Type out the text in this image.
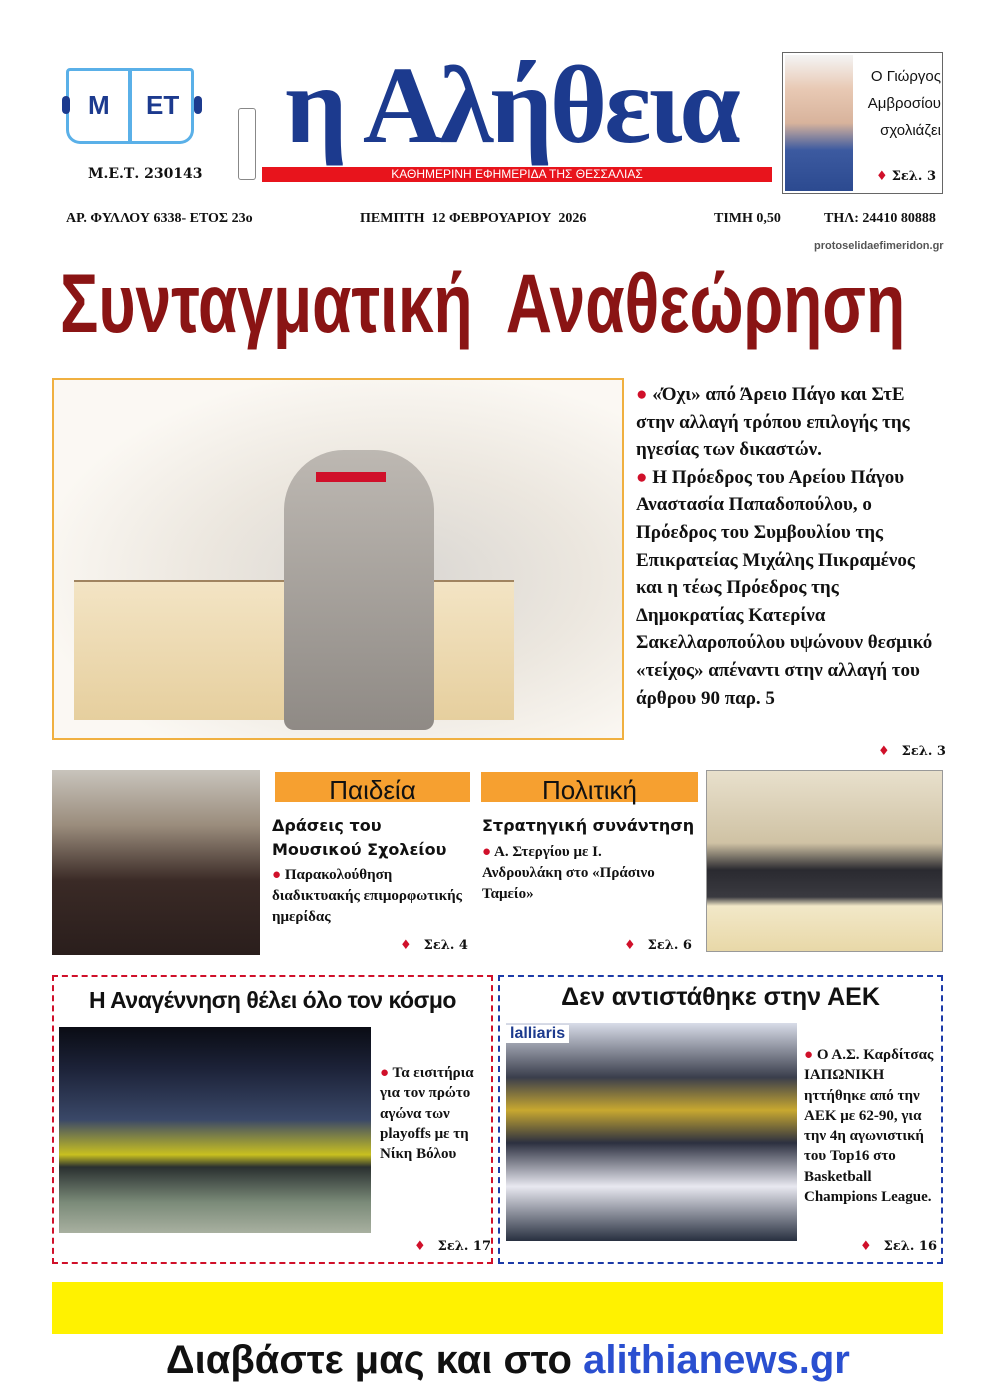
Μ ΕΤ
Μ.Ε.Τ. 230143
η Αλήθεια
ΚΑΘΗΜΕΡΙΝΗ ΕΦΗΜΕΡΙΔΑ ΤΗΣ ΘΕΣΣΑΛΙΑΣ
Ο Γιώργος
Αμβροσίου
σχολιάζει
♦ Σελ. 3
ΑΡ. ΦΥΛΛΟΥ 6338- ΕΤΟΣ 23ο	ΠΕΜΠΤΗ  12 ΦΕΒΡΟΥΑΡΙΟΥ  2026	ΤΙΜΗ 0,50	ΤΗΛ: 24410 80888
protoselidaefimeridon.gr
Συνταγματική  Αναθεώρηση
● «Όχι» από Άρειο Πάγο και ΣτΕ στην αλλαγή τρόπου επιλογής της ηγεσίας των δικαστών.
● Η Πρόεδρος του Αρείου Πάγου Αναστασία Παπαδοπούλου, ο Πρόεδρος του Συμβουλίου της Επικρατείας Μιχάλης Πικραμένος και η τέως Πρόεδρος της Δημοκρατίας Κατερίνα Σακελλαροπούλου υψώνουν θεσμικό «τείχος» απέναντι στην αλλαγή του άρθρου 90 παρ. 5
♦ Σελ. 3
Παιδεία
Δράσεις του Μουσικού Σχολείου
● Παρακολούθηση διαδικτυακής επιμορφωτικής ημερίδας
♦ Σελ. 4
Πολιτική
Στρατηγική συνάντηση
● Α. Στεργίου με Ι. Ανδρουλάκη στο «Πράσινο Ταμείο»
♦ Σελ. 6
Η Αναγέννηση θέλει όλο τον κόσμο
● Τα εισιτήρια για τον πρώτο αγώνα των playoffs με τη Νίκη Βόλου
♦ Σελ. 17
Δεν αντιστάθηκε στην ΑΕΚ
lalliaris
● Ο Α.Σ. Καρδίτσας ΙΑΠΩΝΙΚΗ ηττήθηκε από την ΑΕΚ με 62-90, για την 4η αγωνιστική του Top16 στο Basketball Champions League.
♦ Σελ. 16

Διαβάστε μας και στο alithianews.gr
